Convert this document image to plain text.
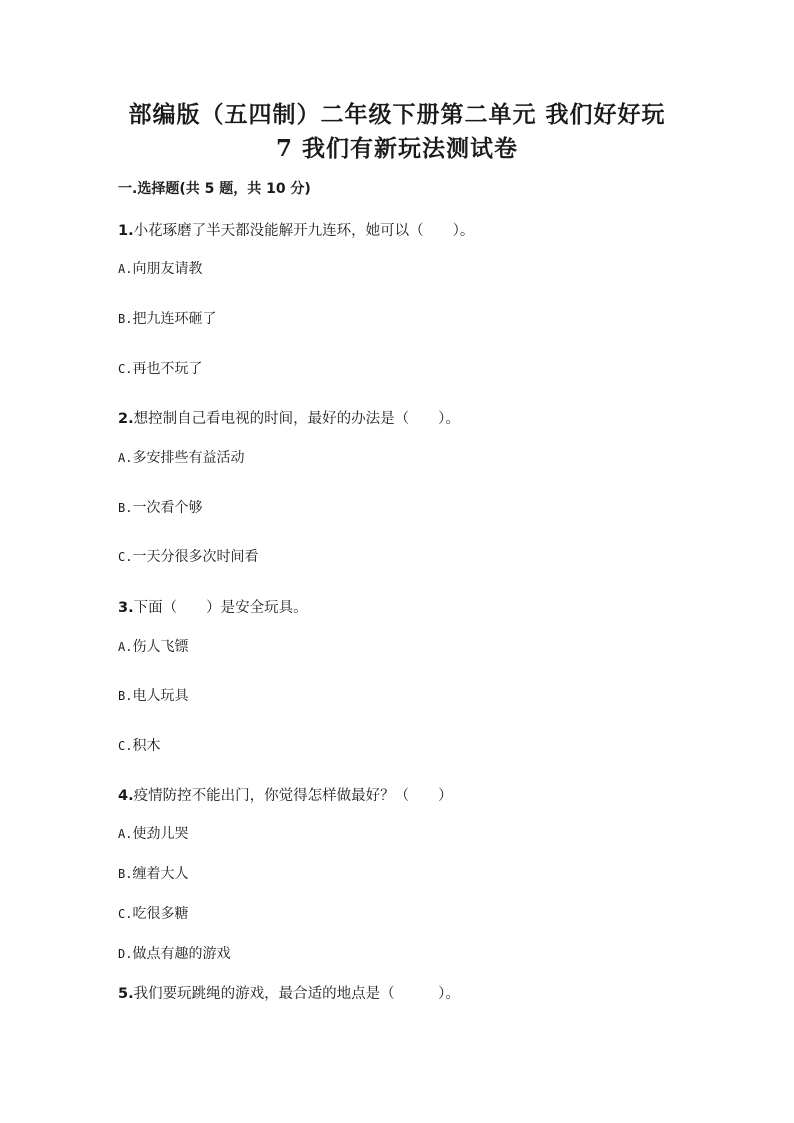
部编版（五四制）二年级下册第二单元 我们好好玩
7 我们有新玩法测试卷
一.选择题(共 5 题，共 10 分)
1.小花琢磨了半天都没能解开九连环，她可以（　　）。
A.向朋友请教
B.把九连环砸了
C.再也不玩了
2.想控制自己看电视的时间，最好的办法是（　　）。
A.多安排些有益活动
B.一次看个够
C.一天分很多次时间看
3.下面（　　）是安全玩具。
A.伤人飞镖
B.电人玩具
C.积木
4.疫情防控不能出门，你觉得怎样做最好？（　　）
A.使劲儿哭
B.缠着大人
C.吃很多糖
D.做点有趣的游戏
5.我们要玩跳绳的游戏，最合适的地点是（　　　）。
